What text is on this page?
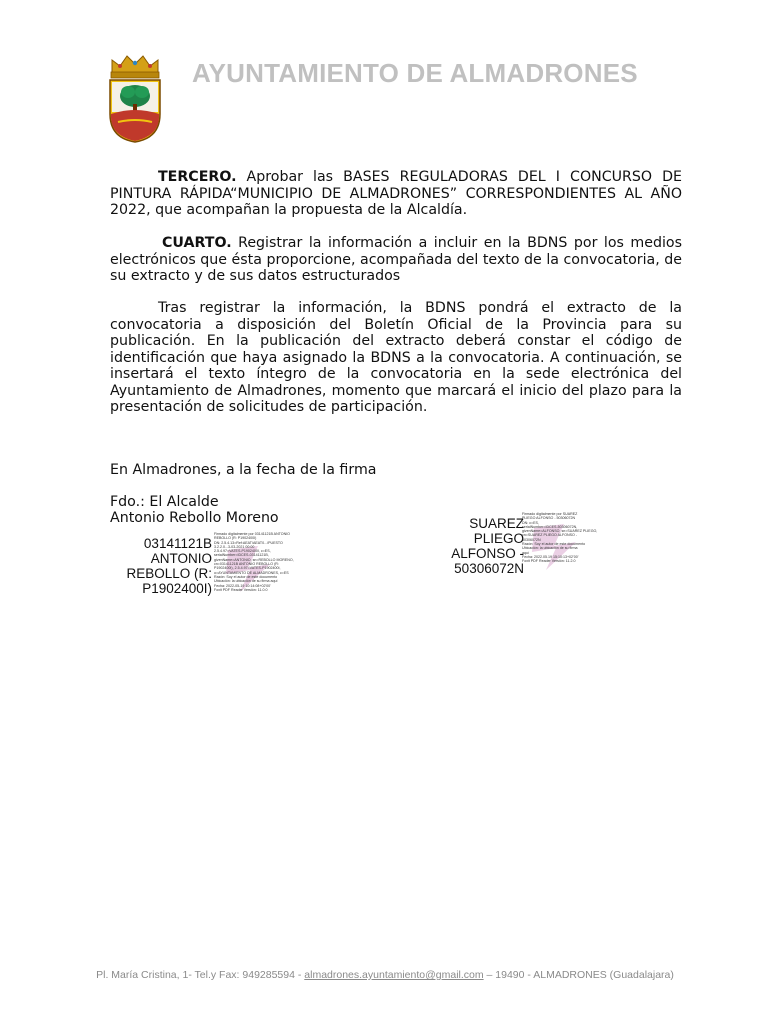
AYUNTAMIENTO DE ALMADRONES

TERCERO. Aprobar las BASES REGULADORAS DEL I CONCURSO DE PINTURA RÁPIDA“MUNICIPIO DE ALMADRONES” CORRESPONDIENTES AL AÑO 2022, que acompañan la propuesta de la Alcaldía.

CUARTO. Registrar la información a incluir en la BDNS por los medios electrónicos que ésta proporcione, acompañada del texto de la convocatoria, de su extracto y de sus datos estructurados

Tras registrar la información, la BDNS pondrá el extracto de la convocatoria a disposición del Boletín Oficial de la Provincia para su publicación. En la publicación del extracto deberá constar el código de identificación que haya asignado la BDNS a la convocatoria. A continuación, se insertará el texto íntegro de la convocatoria en la sede electrónica del Ayuntamiento de Almadrones, momento que marcará el inicio del plazo para la presentación de solicitudes de participación.

En Almadrones, a la fecha de la firma
Fdo.: El Alcalde
Antonio Rebollo Moreno
03141121B
ANTONIO
REBOLLO (R:
P1902400I)
Firmado digitalmente por 03141121B ANTONIO
REBOLLO (R: P1902400I)
DN: 2.5.4.13=Ref:AEAT/AEAT0.../PUESTO
3.2.2.0...3-03-2021 00:00
2.5.4.97=VATES-P1902400I, c=ES,
serialNumber=IDCES-03141121B,
givenName=ANTONIO, sn=REBOLLO MORENO,
cn=03141121B ANTONIO REBOLLO (R:
P1902400I), 2.5.4.97=VATES-P1902400I,
o=AYUNTAMIENTO DE ALMADRONES, c=ES
Razón: Soy el autor de este documento
Ubicación: la ubicación de su firma aquí
Fecha: 2022-05-19 10:14:08+02'00'
Foxit PDF Reader Versión: 11.0.0
SUAREZ
PLIEGO
ALFONSO -
50306072N
Firmado digitalmente por SUAREZ
PLIEGO ALFONSO - 50306072N
DN: c=ES,
serialNumber=IDCES-50306072N,
givenName=ALFONSO, sn=SUAREZ PLIEGO,
cn=SUAREZ PLIEGO ALFONSO -
50306072N
Razón: Soy el autor de este documento
Ubicación: la ubicación de su firma
aquí
Fecha: 2022.05.19 15:10:13+02'00'
Foxit PDF Reader Versión: 11.2.0
Pl. María Cristina, 1- Tel.y Fax: 949285594 - almadrones.ayuntamiento@gmail.com – 19490 - ALMADRONES (Guadalajara)
